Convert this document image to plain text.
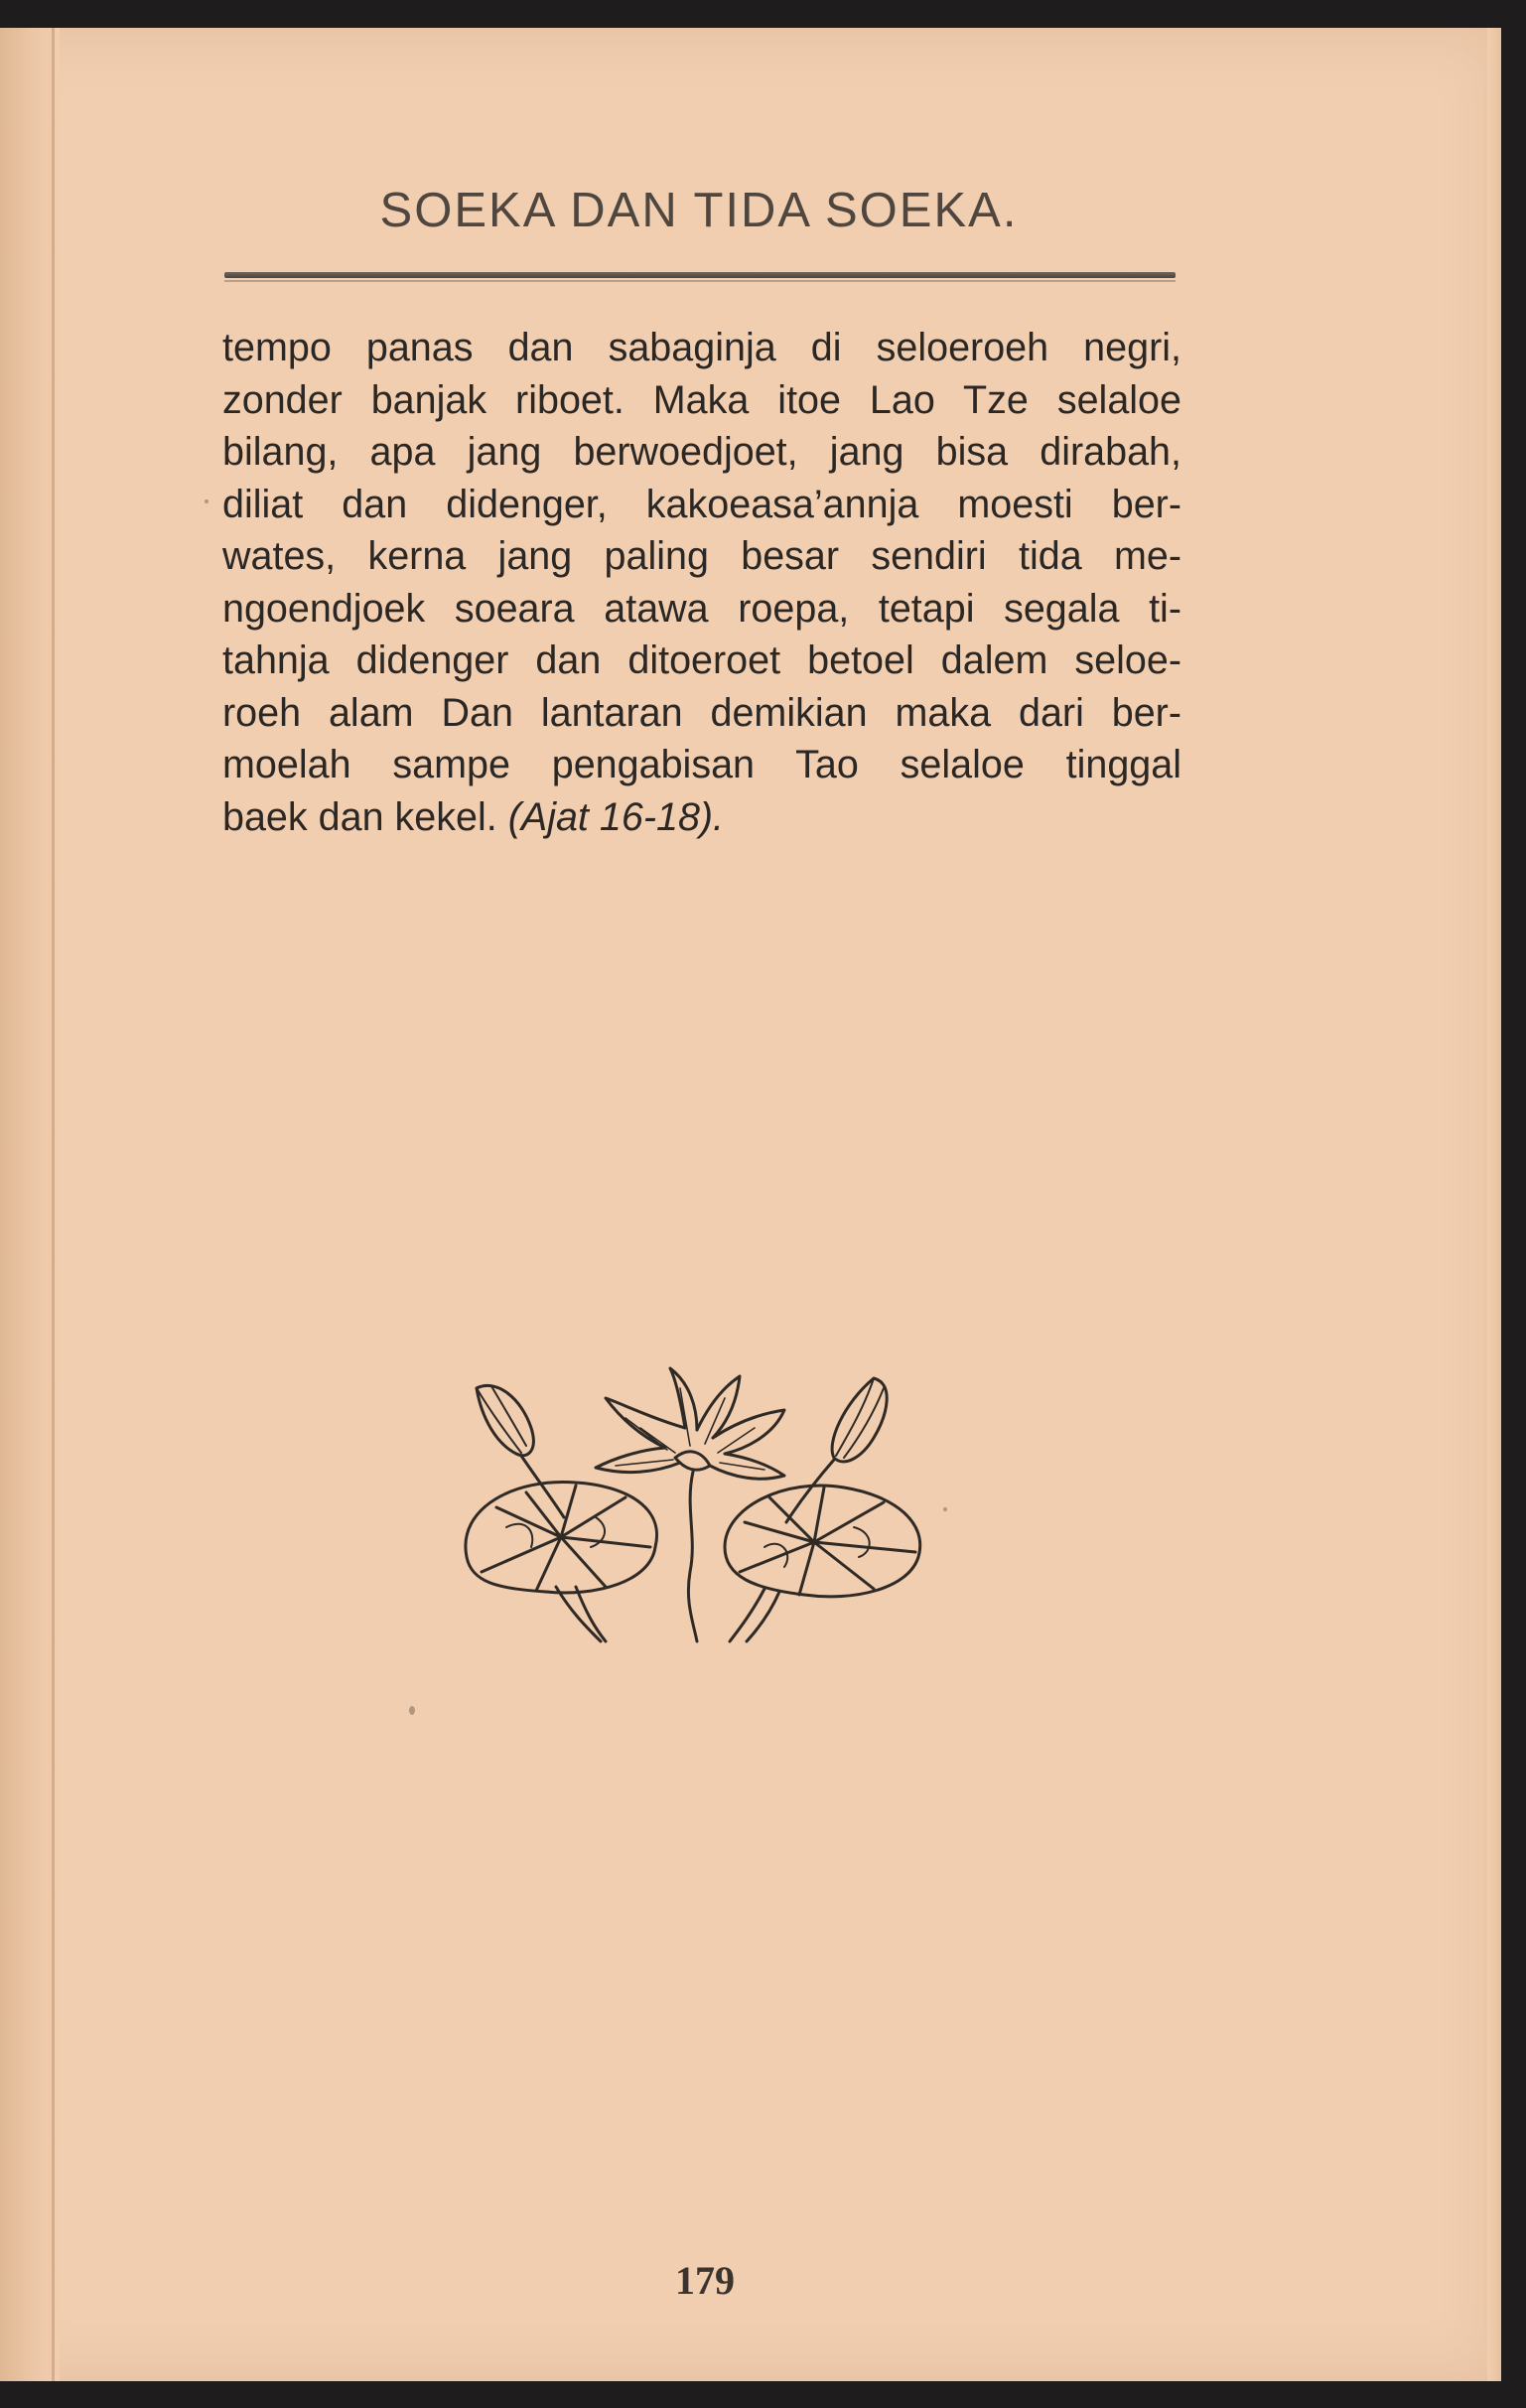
SOEKA DAN TIDA SOEKA.
tempo panas dan sabaginja di seloeroeh negri,
zonder banjak riboet. Maka itoe Lao Tze selaloe
bilang, apa jang berwoedjoet, jang bisa dirabah,
diliat dan didenger, kakoeasa’annja moesti ber-
wates, kerna jang paling besar sendiri tida me-
ngoendjoek soeara atawa roepa, tetapi segala ti-
tahnja didenger dan ditoeroet betoel dalem seloe-
roeh alam Dan lantaran demikian maka dari ber-
moelah sampe pengabisan Tao selaloe tinggal
baek dan kekel. (Ajat 16-18).
179
